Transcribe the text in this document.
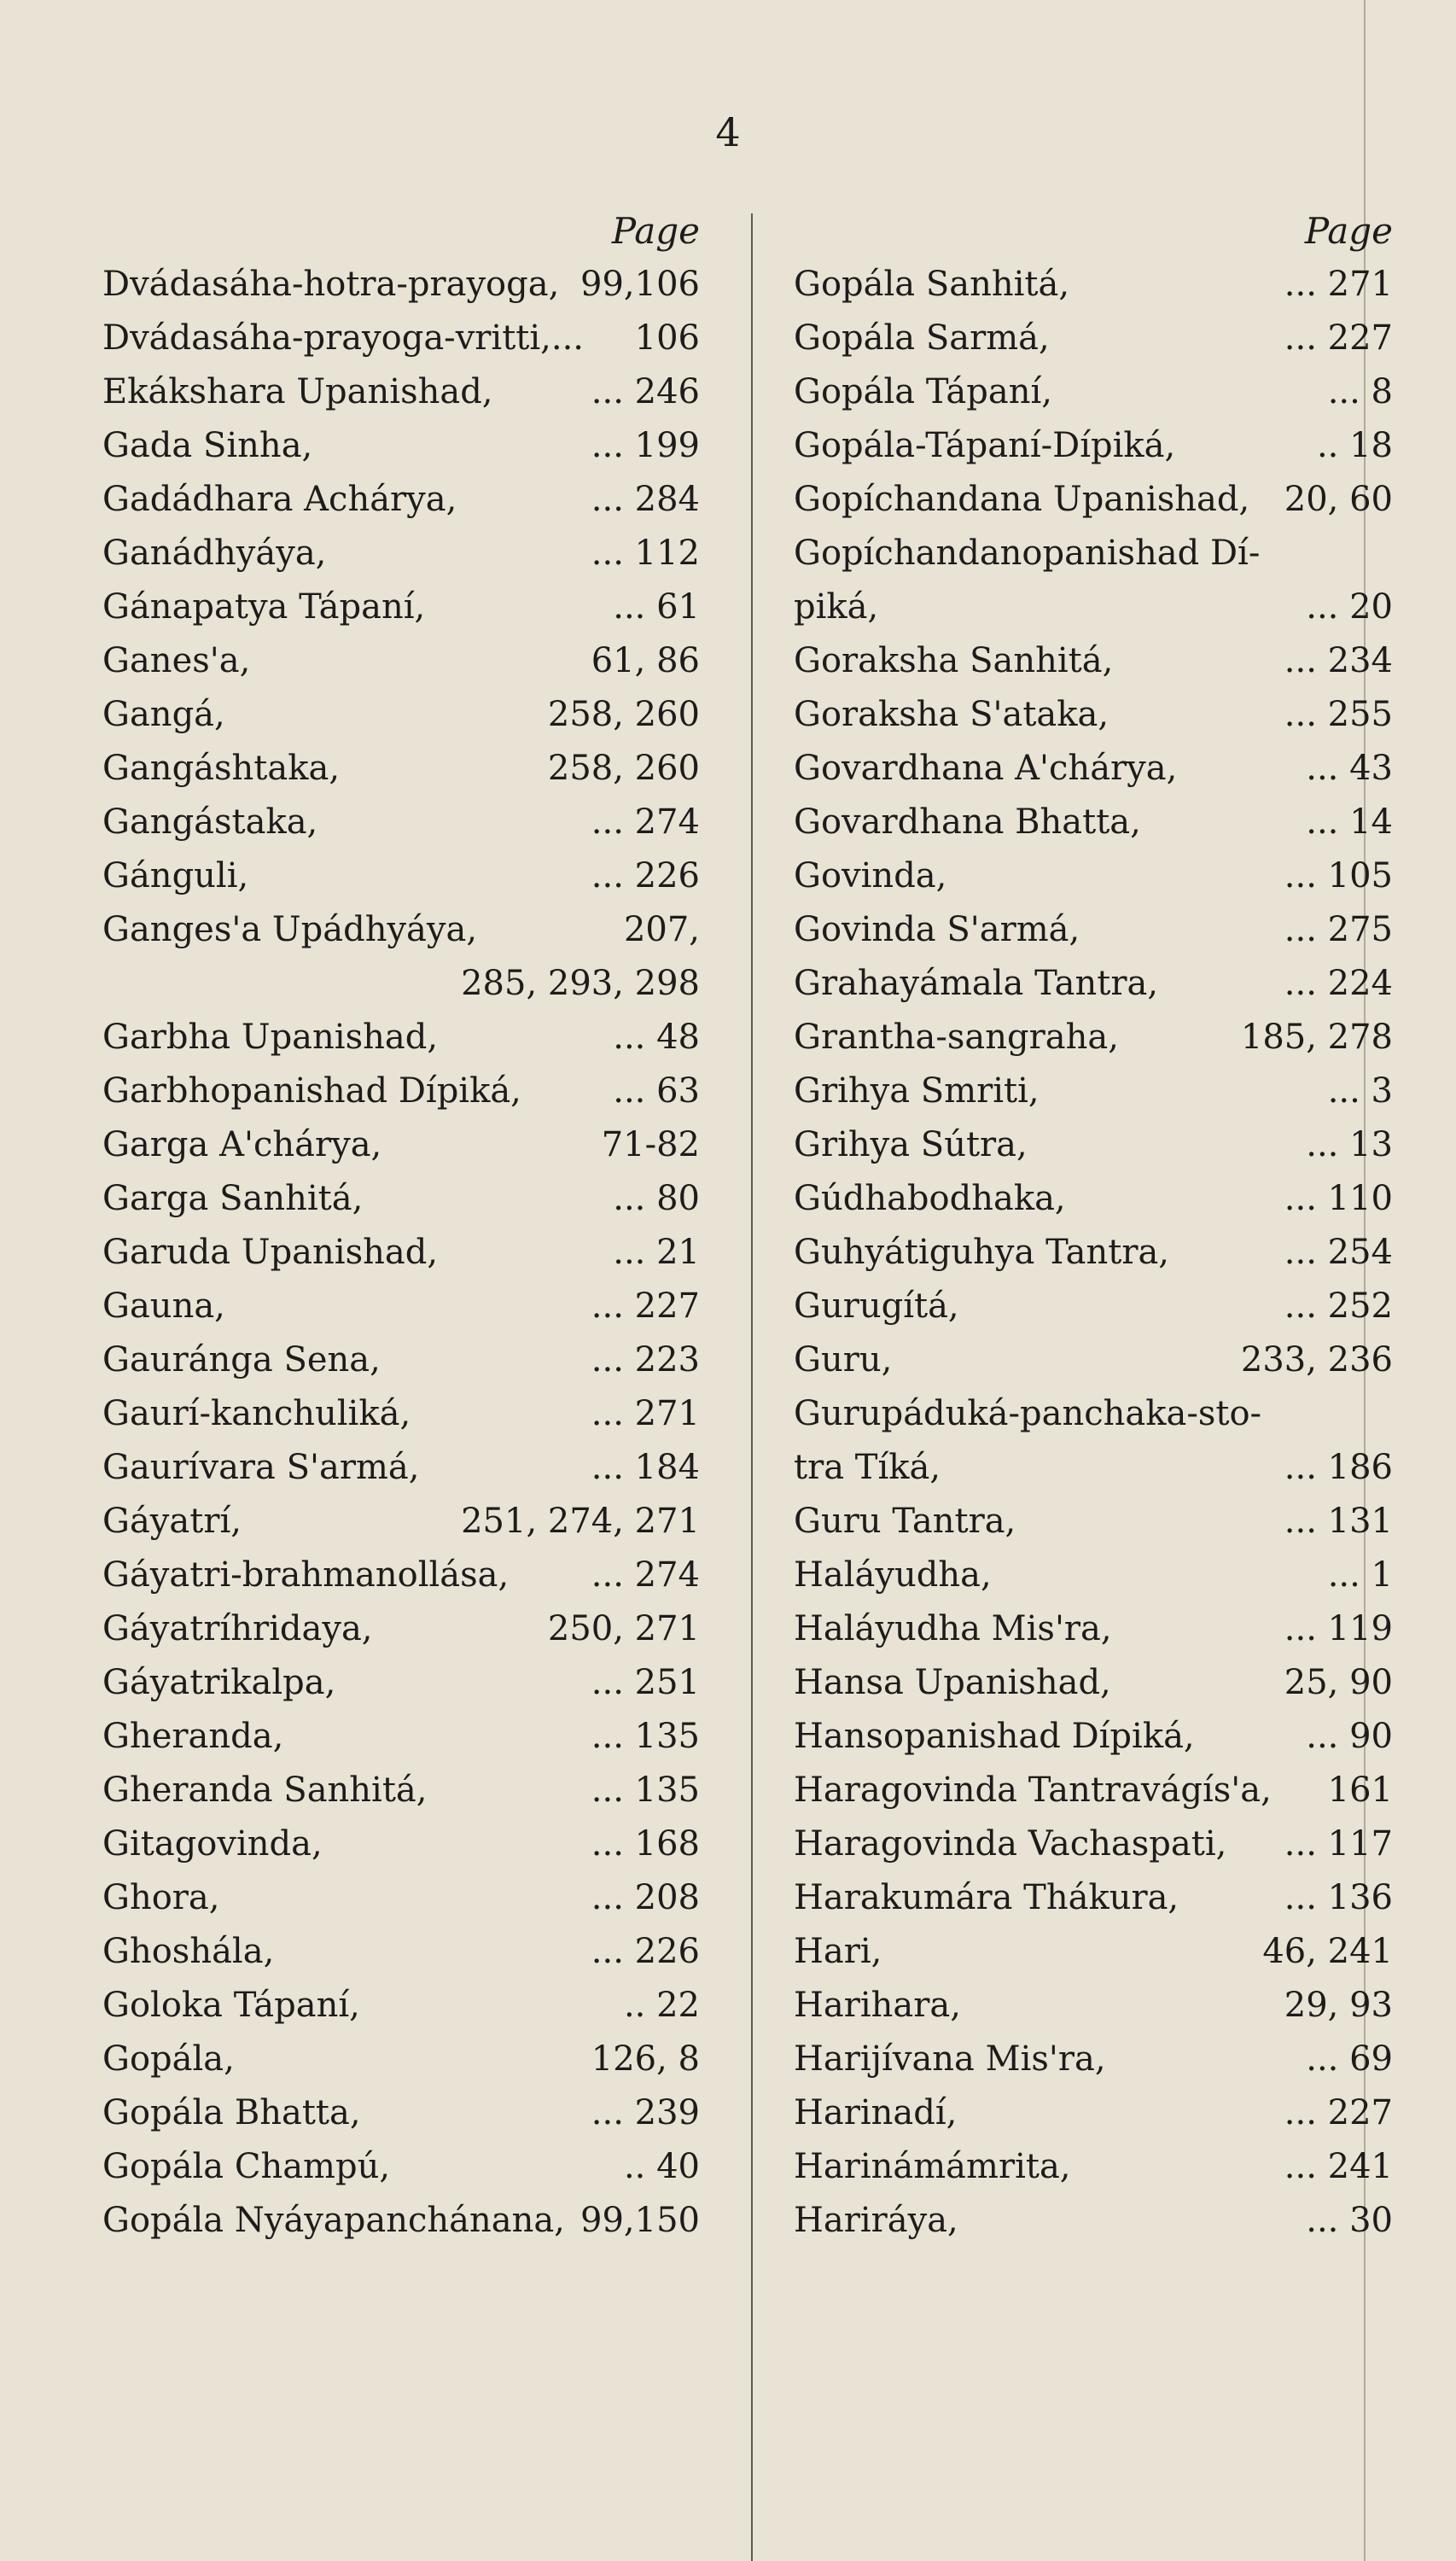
4
Page
Dvádasáha-hotra-prayoga, 99,106
Dvádasáha-prayoga-vritti,... 106
Ekákshara Upanishad,	... 246
Gada Sinha,	... 199
Gadádhara Achárya,	... 284
Ganádhyáya,	... 112
Gánapatya Tápaní,	... 61
Ganes'a,	61, 86
Gangá,	258, 260
Gangáshtaka,	258, 260
Gangástaka,	... 274
Gánguli,	... 226
Ganges'a Upádhyáya,	207,
285, 293, 298
Garbha Upanishad,	... 48
Garbhopanishad Dípiká,	... 63
Garga A'chárya,	71-82
Garga Sanhitá,	... 80
Garuda Upanishad,	... 21
Gauna,	... 227
Gauránga Sena,	... 223
Gaurí-kanchuliká,	... 271
Gaurívara S'armá,	... 184
Gáyatrí,	251, 274, 271
Gáyatri-brahmanollása, ... 274
Gáyatríhridaya,	250, 271
Gáyatrikalpa,	... 251
Gheranda,	... 135
Gheranda Sanhitá,	... 135
Gitagovinda,	... 168
Ghora,	... 208
Ghoshála,	... 226
Goloka Tápaní,	.. 22
Gopála,	126, 8
Gopála Bhatta,	... 239
Gopála Champú,	.. 40
Gopála Nyáyapanchánana, 99,150
Page
Gopála Sanhitá,	... 271
Gopála Sarmá,	... 227
Gopála Tápaní,	... 8
Gopála-Tápaní-Dípiká,	.. 18
Gopíchandana Upanishad, 20, 60
Gopíchandanopanishad Dí-
piká,	... 20
Goraksha Sanhitá,	... 234
Goraksha S'ataka,	... 255
Govardhana A'chárya,	... 43
Govardhana Bhatta,	... 14
Govinda,	... 105
Govinda S'armá,	... 275
Grahayámala Tantra,	... 224
Grantha-sangraha,	185, 278
Grihya Smriti,	... 3
Grihya Sútra,	... 13
Gúdhabodhaka,	... 110
Guhyátiguhya Tantra,	... 254
Gurugítá,	... 252
Guru,	233, 236
Gurupáduká-panchaka-sto-
tra Tíká,	... 186
Guru Tantra,	... 131
Haláyudha,	... 1
Haláyudha Mis'ra,	... 119
Hansa Upanishad,	25, 90
Hansopanishad Dípiká,	... 90
Haragovinda Tantravágís'a, 161
Haragovinda Vachaspati, ... 117
Harakumára Thákura,	... 136
Hari,	46, 241
Harihara,	29, 93
Harijívana Mis'ra,	... 69
Harinadí,	... 227
Harinámámrita,	... 241
Hariráya,	... 30
